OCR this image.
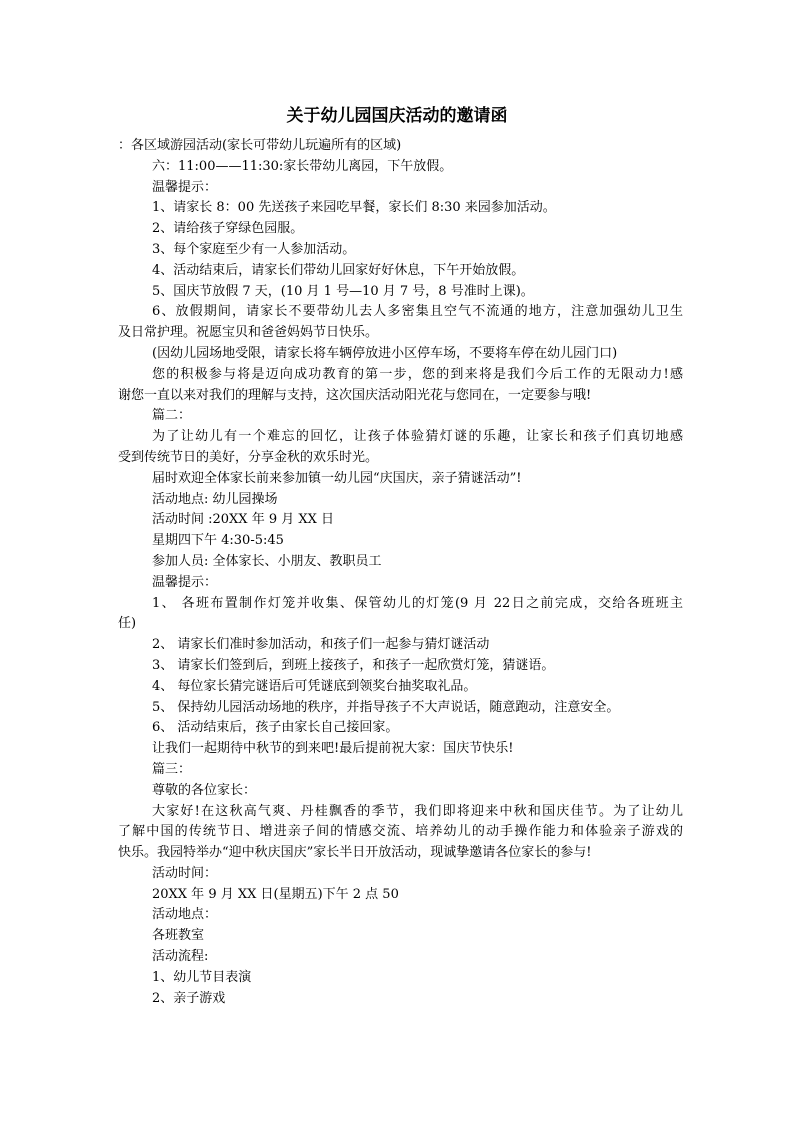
关于幼儿园国庆活动的邀请函
：各区域游园活动(家长可带幼儿玩遍所有的区域)
六：11:00——11:30:家长带幼儿离园，下午放假。
温馨提示：
1、请家长 8：00 先送孩子来园吃早餐，家长们 8:30 来园参加活动。
2、请给孩子穿绿色园服。
3、每个家庭至少有一人参加活动。
4、活动结束后，请家长们带幼儿回家好好休息，下午开始放假。
5、国庆节放假 7 天，(10 月 1 号—10 月 7 号，8 号准时上课)。
6、放假期间，请家长不要带幼儿去人多密集且空气不流通的地方，注意加强幼儿卫生
及日常护理。祝愿宝贝和爸爸妈妈节日快乐。
(因幼儿园场地受限，请家长将车辆停放进小区停车场，不要将车停在幼儿园门口)
您的积极参与将是迈向成功教育的第一步，您的到来将是我们今后工作的无限动力!感
谢您一直以来对我们的理解与支持，这次国庆活动阳光花与您同在，一定要参与哦!
篇二：
为了让幼儿有一个难忘的回忆，让孩子体验猜灯谜的乐趣，让家长和孩子们真切地感
受到传统节日的美好，分享金秋的欢乐时光。
届时欢迎全体家长前来参加镇一幼儿园“庆国庆，亲子猜谜活动”!
活动地点: 幼儿园操场
活动时间 :20XX 年 9 月 XX 日
星期四下午 4:30-5:45
参加人员: 全体家长、小朋友、教职员工
温馨提示：
1、 各班布置制作灯笼并收集、保管幼儿的灯笼(9 月 22日之前完成，交给各班班主
任)
2、 请家长们准时参加活动，和孩子们一起参与猜灯谜活动
3、 请家长们签到后，到班上接孩子，和孩子一起欣赏灯笼，猜谜语。
4、 每位家长猜完谜语后可凭谜底到领奖台抽奖取礼品。
5、 保持幼儿园活动场地的秩序，并指导孩子不大声说话，随意跑动，注意安全。
6、 活动结束后，孩子由家长自己接回家。
让我们一起期待中秋节的到来吧!最后提前祝大家：国庆节快乐!
篇三：
尊敬的各位家长：
大家好!在这秋高气爽、丹桂飘香的季节，我们即将迎来中秋和国庆佳节。为了让幼儿
了解中国的传统节日、增进亲子间的情感交流、培养幼儿的动手操作能力和体验亲子游戏的
快乐。我园特举办“迎中秋庆国庆”家长半日开放活动，现诚挚邀请各位家长的参与!
活动时间：
20XX 年 9 月 XX 日(星期五)下午 2 点 50
活动地点：
各班教室
活动流程:
1、幼儿节目表演
2、亲子游戏
